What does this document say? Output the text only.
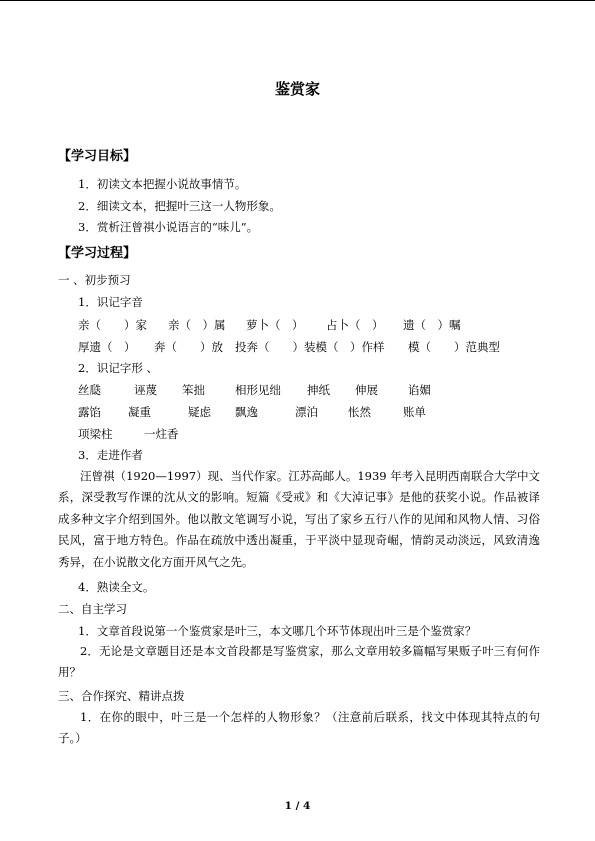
鉴赏家
【学习目标】
1．初读文本把握小说故事情节。
2．细读文本，把握叶三这一人物形象。
3．赏析汪曾祺小说语言的“味儿”。
【学习过程】
一 、初步预习
1．识记字音
亲（　　）家 亲（　）属 萝卜（　） 占卜（　） 遗（　）嘱
厚遗（　） 奔（　　）放 投奔（　　）装模（　）作样 模（　　）范典型
2．识记字形 、
丝瓞	诬蔑 笨拙	相形见绌 抻纸 伸展	谄媚
露馅 凝重	疑虑 飘逸	漂泊	怅然	账单
项梁柱	一炷香
3．走进作者
汪曾祺（1920—1997）现、当代作家。江苏高邮人。1939 年考入昆明西南联合大学中文系，深受教写作课的沈从文的影响。短篇《受戒》和《大淖记事》是他的获奖小说。作品被译成多种文字介绍到国外。他以散文笔调写小说，写出了家乡五行八作的见闻和风物人情、习俗民风，富于地方特色。作品在疏放中透出凝重，于平淡中显现奇崛，情韵灵动淡远，风致清逸秀异，在小说散文化方面开风气之先。
4．熟读全文。
二、自主学习
1．文章首段说第一个鉴赏家是叶三，本文哪几个环节体现出叶三是个鉴赏家？
2．无论是文章题目还是本文首段都是写鉴赏家，那么文章用较多篇幅写果贩子叶三有何作用？
三、合作探究、精讲点拨
1．在你的眼中，叶三是一个怎样的人物形象？（注意前后联系，找文中体现其特点的句子。）
1 / 4
